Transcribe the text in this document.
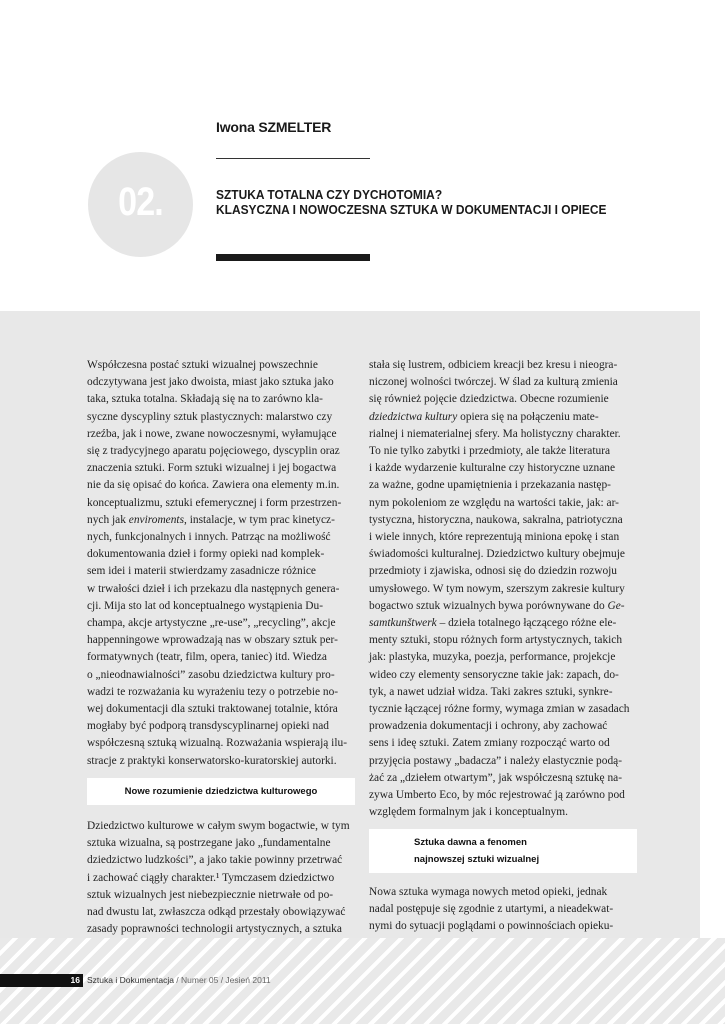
Iwona SZMELTER
02.	SZTUKA TOTALNA CZY DYCHOTOMIA?
KLASYCZNA I NOWOCZESNA SZTUKA W DOKUMENTACJI I OPIECE

Współczesna postać sztuki wizualnej powszechnie

odczytywana jest jako dwoista, miast jako sztuka jako

taka, sztuka totalna. Składają się na to zarówno kla-

syczne dyscypliny sztuk plastycznych: malarstwo czy

rzeźba, jak i nowe, zwane nowoczesnymi, wyłamujące

się z tradycyjnego aparatu pojęciowego, dyscyplin oraz

znaczenia sztuki. Form sztuki wizualnej i jej bogactwa

nie da się opisać do końca. Zawiera ona elementy m.in.

konceptualizmu, sztuki efemerycznej i form przestrzen-

nych jak enviroments, instalacje, w tym prac kinetycz-

nych, funkcjonalnych i innych. Patrząc na możliwość

dokumentowania dzieł i formy opieki nad komplek-

sem idei i materii stwierdzamy zasadnicze różnice

w trwałości dzieł i ich przekazu dla następnych genera-

cji. Mija sto lat od konceptualnego wystąpienia Du-

champa, akcje artystyczne „re-use”, „recycling”, akcje

happenningowe wprowadzają nas w obszary sztuk per-

formatywnych (teatr, film, opera, taniec) itd. Wiedza

o „nieodnawialności” zasobu dziedzictwa kultury pro-

wadzi te rozważania ku wyrażeniu tezy o potrzebie no-

wej dokumentacji dla sztuki traktowanej totalnie, która

mogłaby być podporą transdyscyplinarnej opieki nad

współczesną sztuką wizualną. Rozważania wspierają ilu-

stracje z praktyki konserwatorsko-kuratorskiej autorki.

Nowe rozumienie dziedzictwa kulturowego

Dziedzictwo kulturowe w całym swym bogactwie, w tym

sztuka wizualna, są postrzegane jako „fundamentalne

dziedzictwo ludzkości”, a jako takie powinny przetrwać

i zachować ciągły charakter.¹ Tymczasem dziedzictwo

sztuk wizualnych jest niebezpiecznie nietrwałe od po-

nad dwustu lat, zwłaszcza odkąd przestały obowiązywać

zasady poprawności technologii artystycznych, a sztuka

stała się lustrem, odbiciem kreacji bez kresu i nieogra-

niczonej wolności twórczej. W ślad za kulturą zmienia

się również pojęcie dziedzictwa. Obecne rozumienie

dziedzictwa kultury opiera się na połączeniu mate-

rialnej i niematerialnej sfery. Ma holistyczny charakter.

To nie tylko zabytki i przedmioty, ale także literatura

i każde wydarzenie kulturalne czy historyczne uznane

za ważne, godne upamiętnienia i przekazania następ-

nym pokoleniom ze względu na wartości takie, jak: ar-

tystyczna, historyczna, naukowa, sakralna, patriotyczna

i wiele innych, które reprezentują miniona epokę i stan

świadomości kulturalnej. Dziedzictwo kultury obejmuje

przedmioty i zjawiska, odnosi się do dziedzin rozwoju

umysłowego. W tym nowym, szerszym zakresie kultury

bogactwo sztuk wizualnych bywa porównywane do Ge-

samtkunštwerk – dzieła totalnego łączącego różne ele-

menty sztuki, stopu różnych form artystycznych, takich

jak: plastyka, muzyka, poezja, performance, projekcje

wideo czy elementy sensoryczne takie jak: zapach, do-

tyk, a nawet udział widza. Taki zakres sztuki, synkre-

tycznie łączącej różne formy, wymaga zmian w zasadach

prowadzenia dokumentacji i ochrony, aby zachować

sens i ideę sztuki. Zatem zmiany rozpocząć warto od

przyjęcia postawy „badacza” i należy elastycznie podą-

żać za „dziełem otwartym”, jak współczesną sztukę na-

zywa Umberto Eco, by móc rejestrować ją zarówno pod

względem formalnym jak i konceptualnym.

Sztuka dawna a fenomen
najnowszej sztuki wizualnej

Nowa sztuka wymaga nowych metod opieki, jednak

nadal postępuje się zgodnie z utartymi, a nieadekwat-

nymi do sytuacji poglądami o powinnościach opieku-

16 Sztuka i Dokumentacja / Numer 05 / Jesień 2011
